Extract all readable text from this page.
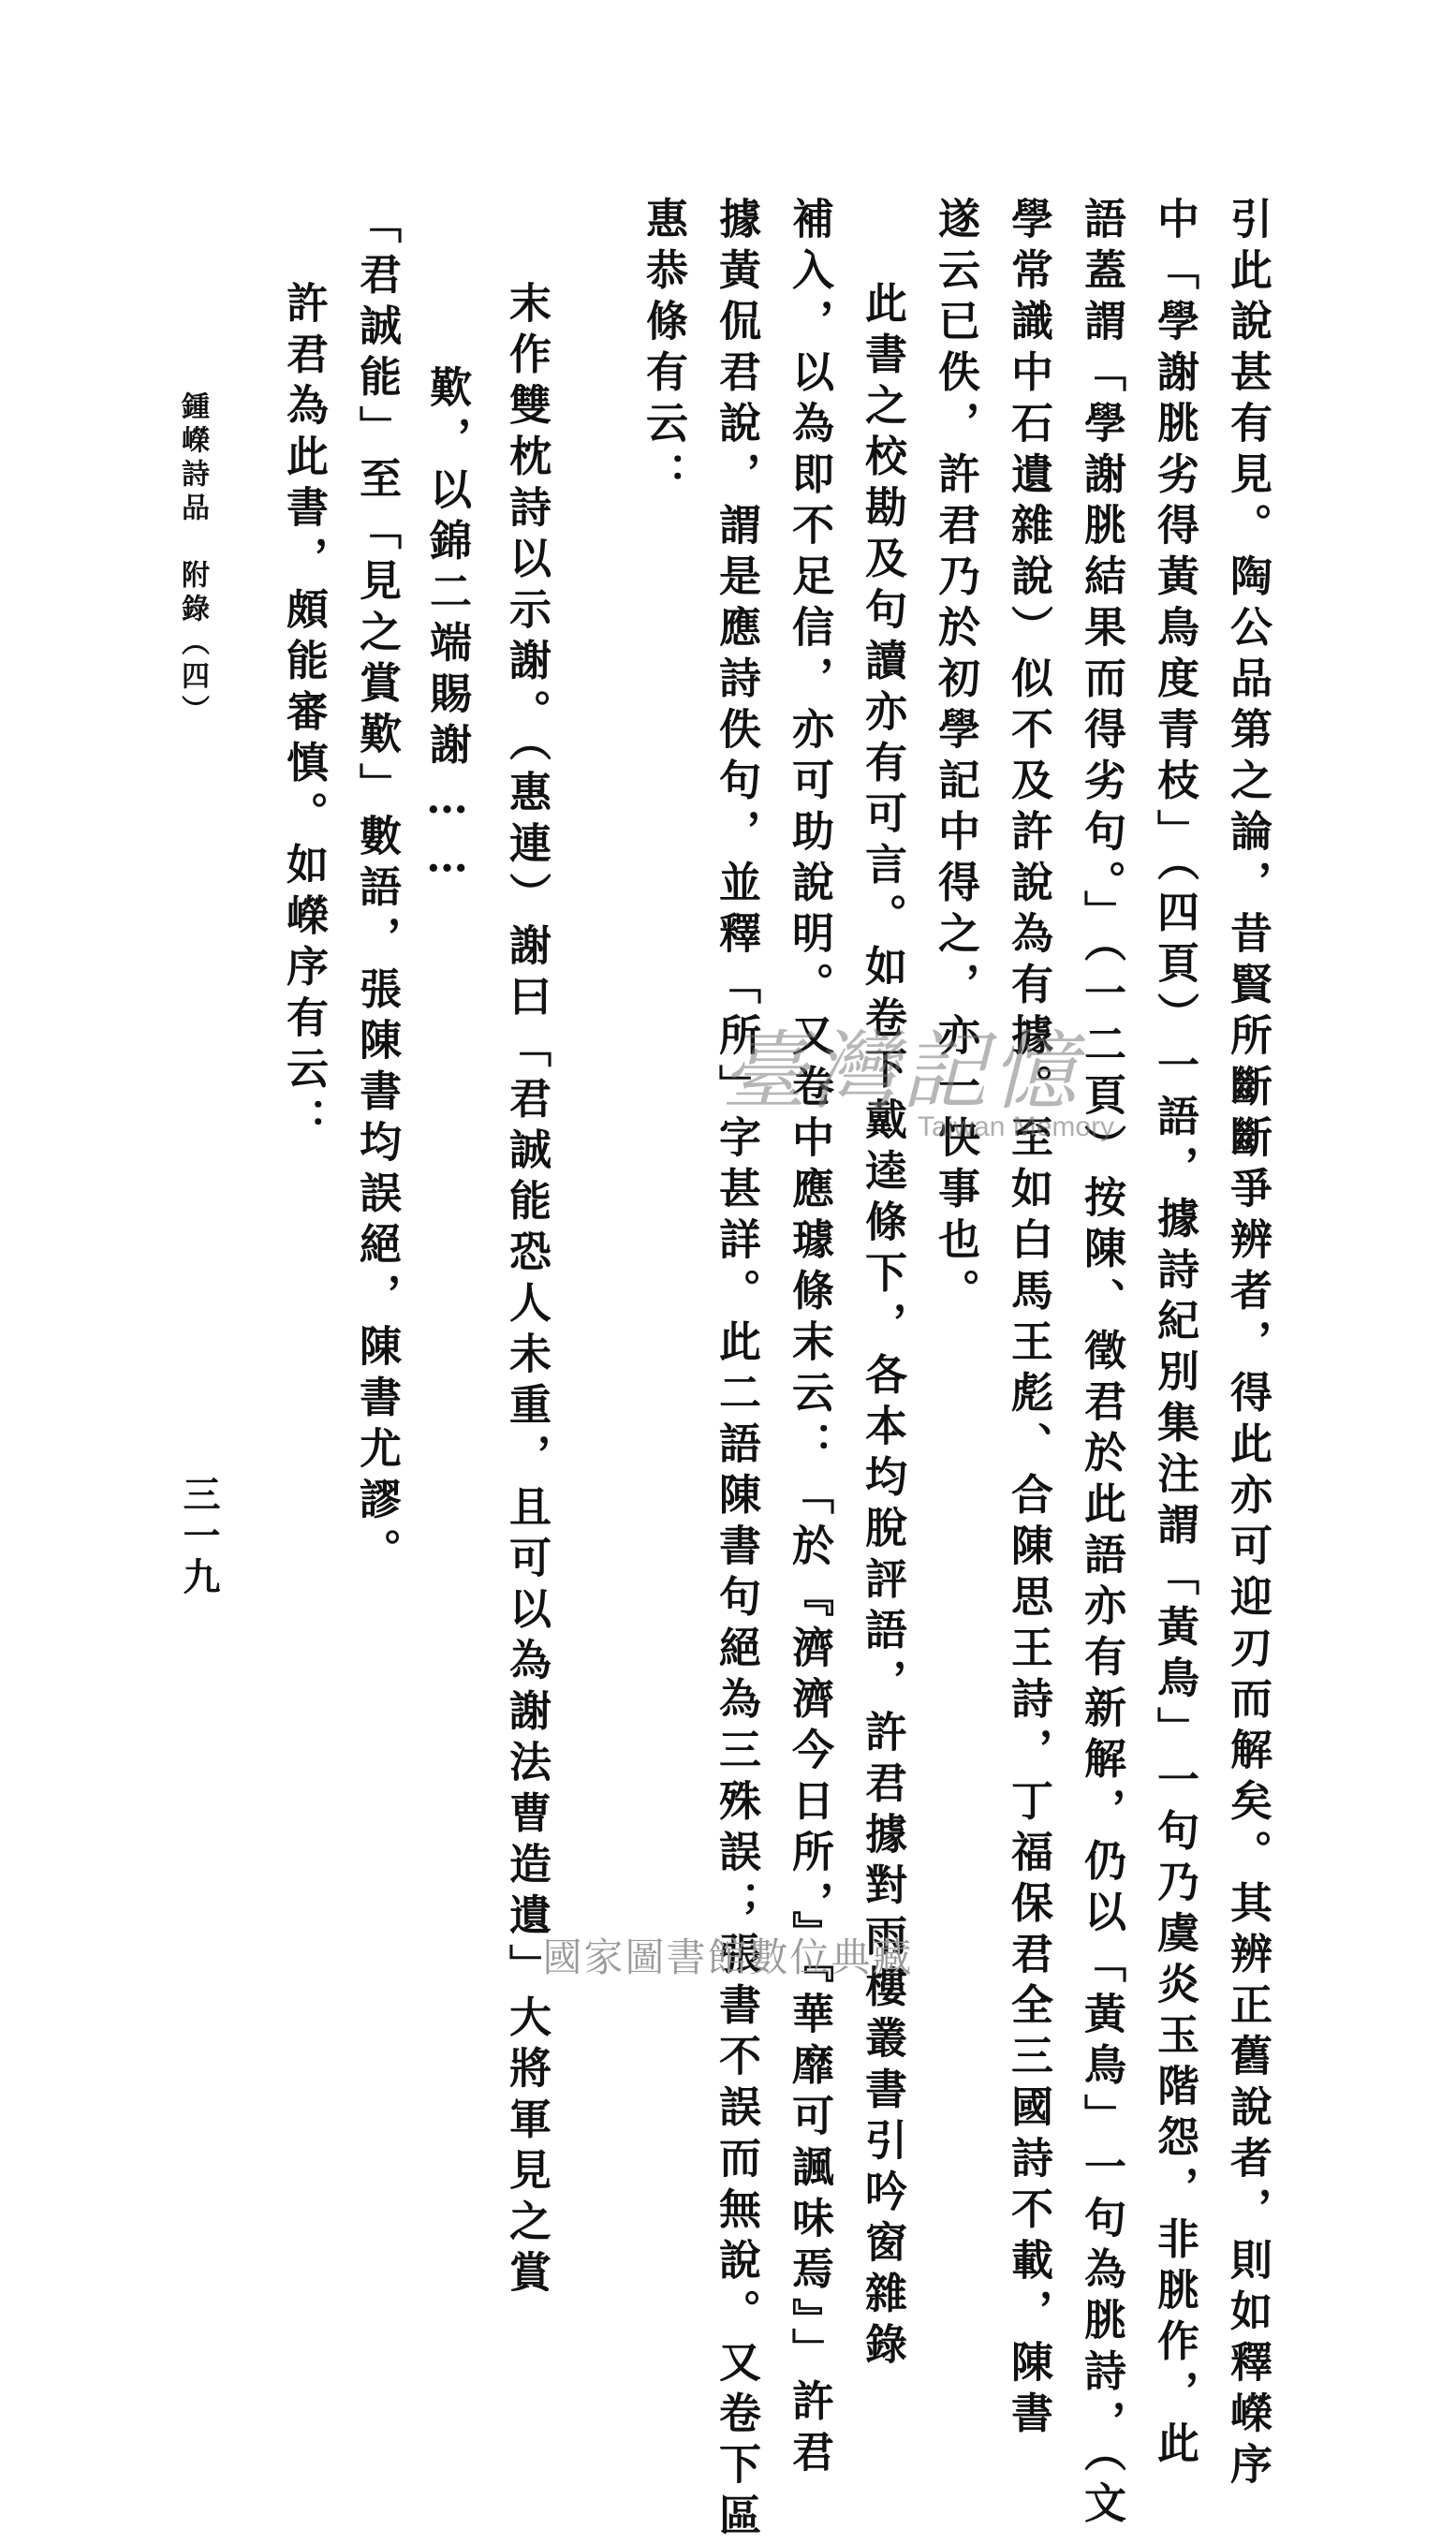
引此說甚有見。陶公品第之論，昔賢所斷斷爭辨者，得此亦可迎刃而解矣。其辨正舊說者，則如釋嶸序
中「學謝朓劣得黃鳥度青枝」（四頁）一語，據詩紀別集注謂「黃鳥」一句乃虞炎玉階怨，非朓作，此
語蓋謂「學謝朓結果而得劣句。」（一二頁）按陳、徵君於此語亦有新解，仍以「黃鳥」一句為朓詩，（文
學常識中石遺雜說）似不及許說為有據。至如白馬王彪、合陳思王詩，丁福保君全三國詩不載，陳書
遂云已佚，許君乃於初學記中得之，亦一快事也。
此書之校勘及句讀亦有可言。如卷下戴逵條下，各本均脫評語，許君據對雨樓叢書引吟窗雜錄
補入，以為即不足信，亦可助說明。又卷中應璩條末云：「於『濟濟今日所，』『華靡可諷味焉』」許君
據黃侃君說，謂是應詩佚句，並釋「所」字甚詳。此二語陳書句絕為三殊誤；張書不誤而無說。又卷下區
惠恭條有云：
末作雙枕詩以示謝。（惠連）謝曰「君誠能恐人未重，且可以為謝法曹造遺」大將軍見之賞
歎，以錦二端賜謝……
「君誠能」至「見之賞歎」數語，張陳書均誤絕，陳書尤謬。
許君為此書，頗能審慎。如嶸序有云：
鍾嶸詩品　附錄（四）
三一九
臺灣記憶
Taiwan Memory
國家圖書館數位典藏
